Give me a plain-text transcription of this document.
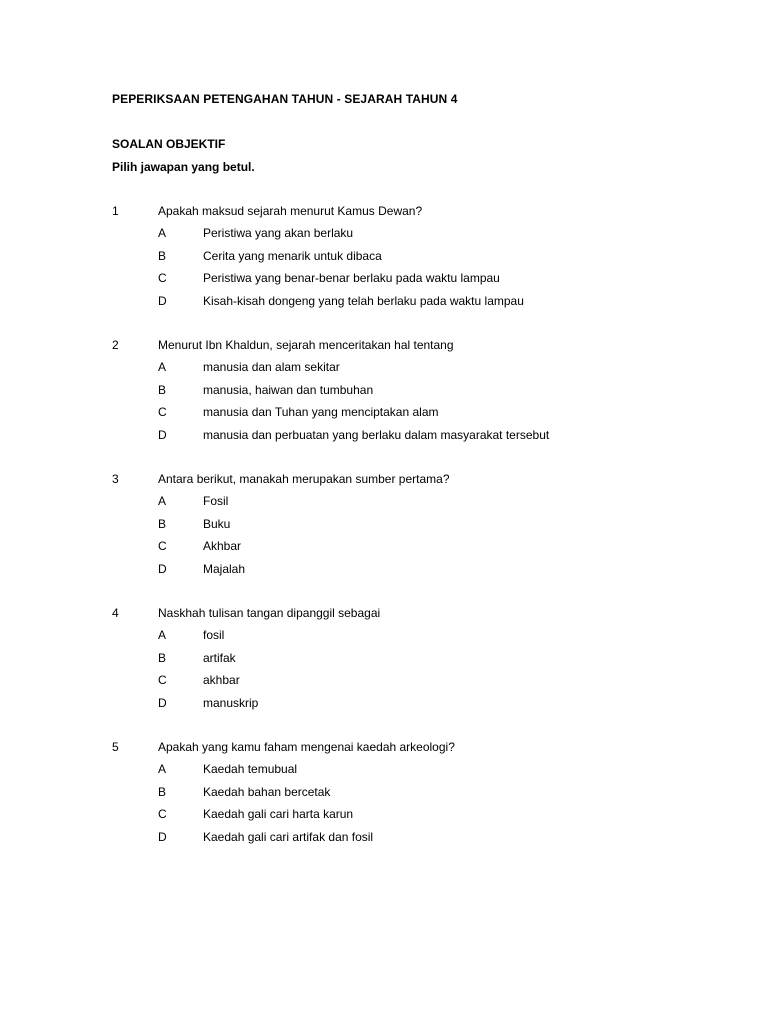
PEPERIKSAAN PETENGAHAN TAHUN - SEJARAH TAHUN 4
SOALAN OBJEKTIF
Pilih jawapan yang betul.
1	Apakah maksud sejarah menurut Kamus Dewan?
A	Peristiwa yang akan berlaku
B	Cerita yang menarik untuk dibaca
C	Peristiwa yang benar-benar berlaku pada waktu lampau
D	Kisah-kisah dongeng yang telah berlaku pada waktu lampau
2	Menurut Ibn Khaldun, sejarah menceritakan hal tentang
A	manusia dan alam sekitar
B	manusia, haiwan dan tumbuhan
C	manusia dan Tuhan yang menciptakan alam
D	manusia dan perbuatan yang berlaku dalam masyarakat tersebut
3	Antara berikut, manakah merupakan sumber pertama?
A	Fosil
B	Buku
C	Akhbar
D	Majalah
4	Naskhah tulisan tangan dipanggil sebagai
A	fosil
B	artifak
C	akhbar
D	manuskrip
5	Apakah yang kamu faham mengenai kaedah arkeologi?
A	Kaedah temubual
B	Kaedah bahan bercetak
C	Kaedah gali cari harta karun
D	Kaedah gali cari artifak dan fosil
